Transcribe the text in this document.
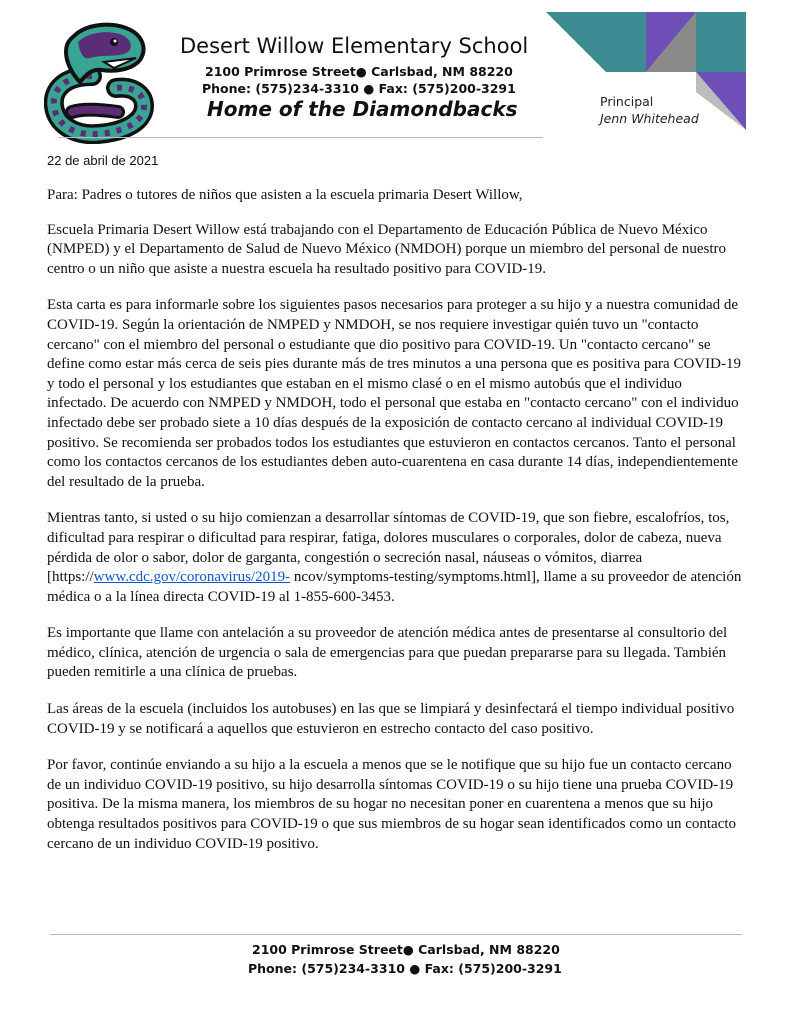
Desert Willow Elementary School
2100 Primrose Street● Carlsbad, NM 88220
Phone: (575)234-3310 ● Fax: (575)200-3291
Home of the Diamondbacks	Principal
Jenn Whitehead
22 de abril de 2021

Para: Padres o tutores de niños que asisten a la escuela primaria Desert Willow,

Escuela Primaria Desert Willow está trabajando con el Departamento de Educación Pública de Nuevo México (NMPED) y el Departamento de Salud de Nuevo México (NMDOH) porque un miembro del personal de nuestro centro o un niño que asiste a nuestra escuela ha resultado positivo para COVID-19.

Esta carta es para informarle sobre los siguientes pasos necesarios para proteger a su hijo y a nuestra comunidad de COVID-19. Según la orientación de NMPED y NMDOH, se nos requiere investigar quién tuvo un "contacto cercano" con el miembro del personal o estudiante que dio positivo para COVID-19. Un "contacto cercano" se define como estar más cerca de seis pies durante más de tres minutos a una persona que es positiva para COVID-19 y todo el personal y los estudiantes que estaban en el mismo clasé o en el mismo autobús que el individuo infectado. De acuerdo con NMPED y NMDOH, todo el personal que estaba en "contacto cercano" con el individuo infectado debe ser probado siete a 10 días después de la exposición de contacto cercano al individual COVID-19 positivo. Se recomienda ser probados todos los estudiantes que estuvieron en contactos cercanos. Tanto el personal como los contactos cercanos de los estudiantes deben auto-cuarentena en casa durante 14 días, independientemente del resultado de la prueba.

Mientras tanto, si usted o su hijo comienzan a desarrollar síntomas de COVID-19, que son fiebre, escalofríos, tos, dificultad para respirar o dificultad para respirar, fatiga, dolores musculares o corporales, dolor de cabeza, nueva pérdida de olor o sabor, dolor de garganta, congestión o secreción nasal, náuseas o vómitos, diarrea [https://www.cdc.gov/coronavirus/2019- ncov/symptoms-testing/symptoms.html], llame a su proveedor de atención médica o a la línea directa COVID-19 al 1-855-600-3453.

Es importante que llame con antelación a su proveedor de atención médica antes de presentarse al consultorio del médico, clínica, atención de urgencia o sala de emergencias para que puedan prepararse para su llegada. También pueden remitirle a una clínica de pruebas.

Las áreas de la escuela (incluidos los autobuses) en las que se limpiará y desinfectará el tiempo individual positivo COVID-19 y se notificará a aquellos que estuvieron en estrecho contacto del caso positivo.

Por favor, continúe enviando a su hijo a la escuela a menos que se le notifique que su hijo fue un contacto cercano de un individuo COVID-19 positivo, su hijo desarrolla síntomas COVID-19 o su hijo tiene una prueba COVID-19 positiva. De la misma manera, los miembros de su hogar no necesitan poner en cuarentena a menos que su hijo obtenga resultados positivos para COVID-19 o que sus miembros de su hogar sean identificados como un contacto cercano de un individuo COVID-19 positivo.

2100 Primrose Street● Carlsbad, NM 88220
Phone: (575)234-3310 ● Fax: (575)200-3291
